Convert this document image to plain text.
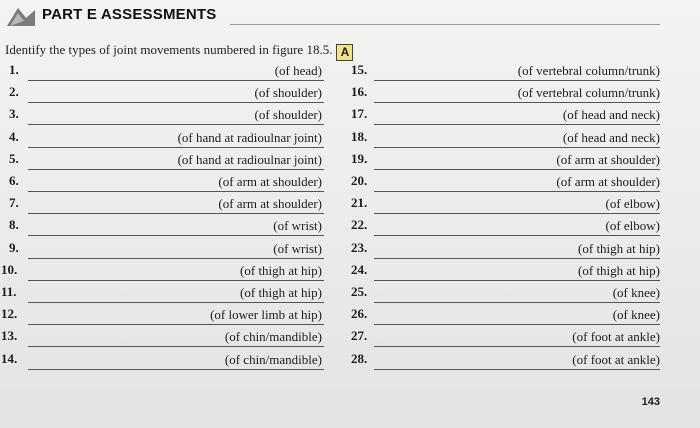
PART E ASSESSMENTS
Identify the types of joint movements numbered in figure 18.5. A
1.	(of head)
2.	(of shoulder)
3.	(of shoulder)
4.	(of hand at radioulnar joint)
5.	(of hand at radioulnar joint)
6.	(of arm at shoulder)
7.	(of arm at shoulder)
8.	(of wrist)
9.	(of wrist)
10.	(of thigh at hip)
11.	(of thigh at hip)
12.	(of lower limb at hip)
13.	(of chin/mandible)
14.	(of chin/mandible)
15.	(of vertebral column/trunk)
16.	(of vertebral column/trunk)
17.	(of head and neck)
18.	(of head and neck)
19.	(of arm at shoulder)
20.	(of arm at shoulder)
21.	(of elbow)
22.	(of elbow)
23.	(of thigh at hip)
24.	(of thigh at hip)
25.	(of knee)
26.	(of knee)
27.	(of foot at ankle)
28.	(of foot at ankle)
143
